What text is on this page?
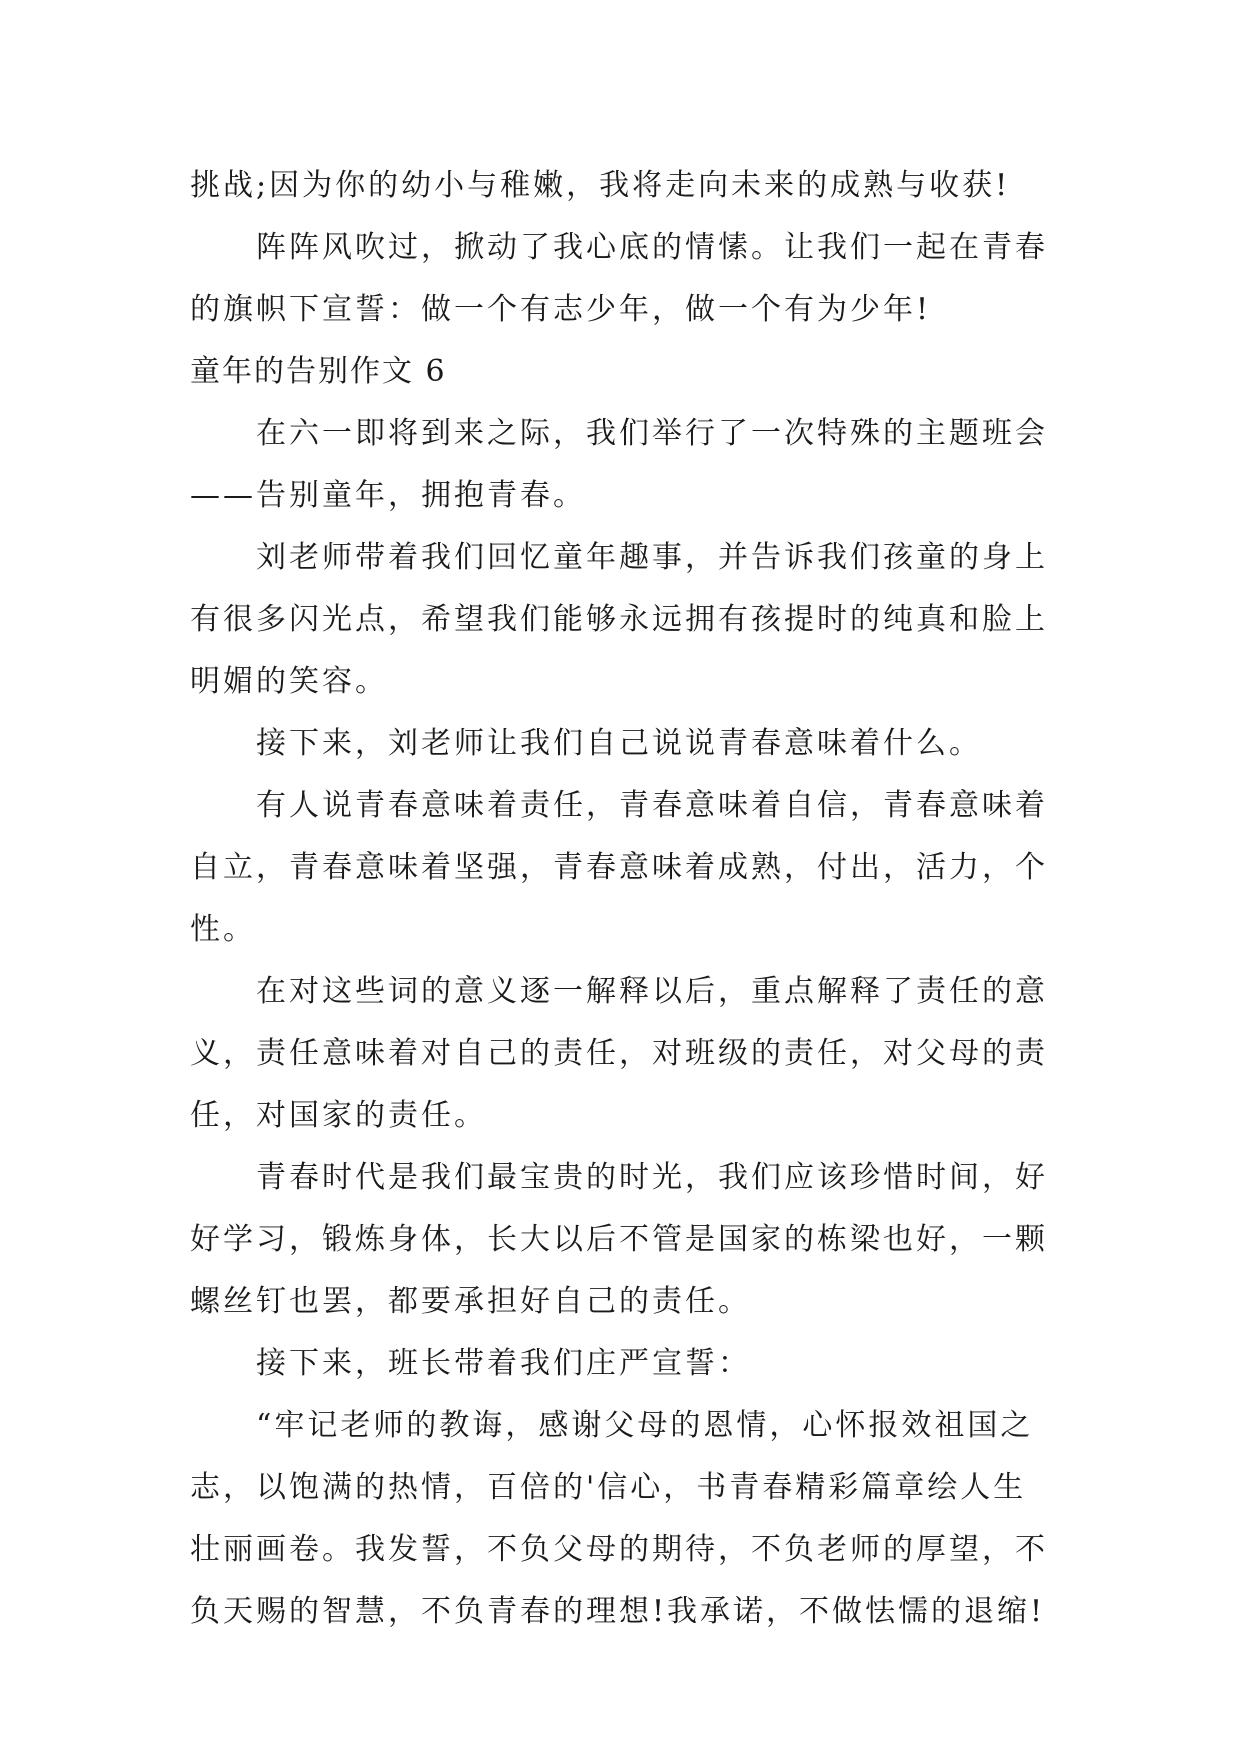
挑战;因为你的幼小与稚嫩，我将走向未来的成熟与收获!
阵阵风吹过，掀动了我心底的情愫。让我们一起在青春
的旗帜下宣誓：做一个有志少年，做一个有为少年!
童年的告别作文 6
在六一即将到来之际，我们举行了一次特殊的主题班会
——告别童年，拥抱青春。
刘老师带着我们回忆童年趣事，并告诉我们孩童的身上
有很多闪光点，希望我们能够永远拥有孩提时的纯真和脸上
明媚的笑容。
接下来，刘老师让我们自己说说青春意味着什么。
有人说青春意味着责任，青春意味着自信，青春意味着
自立，青春意味着坚强，青春意味着成熟，付出，活力，个
性。
在对这些词的意义逐一解释以后，重点解释了责任的意
义，责任意味着对自己的责任，对班级的责任，对父母的责
任，对国家的责任。
青春时代是我们最宝贵的时光，我们应该珍惜时间，好
好学习，锻炼身体，长大以后不管是国家的栋梁也好，一颗
螺丝钉也罢，都要承担好自己的责任。
接下来，班长带着我们庄严宣誓：
“牢记老师的教诲，感谢父母的恩情，心怀报效祖国之
志，以饱满的热情，百倍的'信心，书青春精彩篇章绘人生
壮丽画卷。我发誓，不负父母的期待，不负老师的厚望，不
负天赐的智慧，不负青春的理想!我承诺，不做怯懦的退缩!
